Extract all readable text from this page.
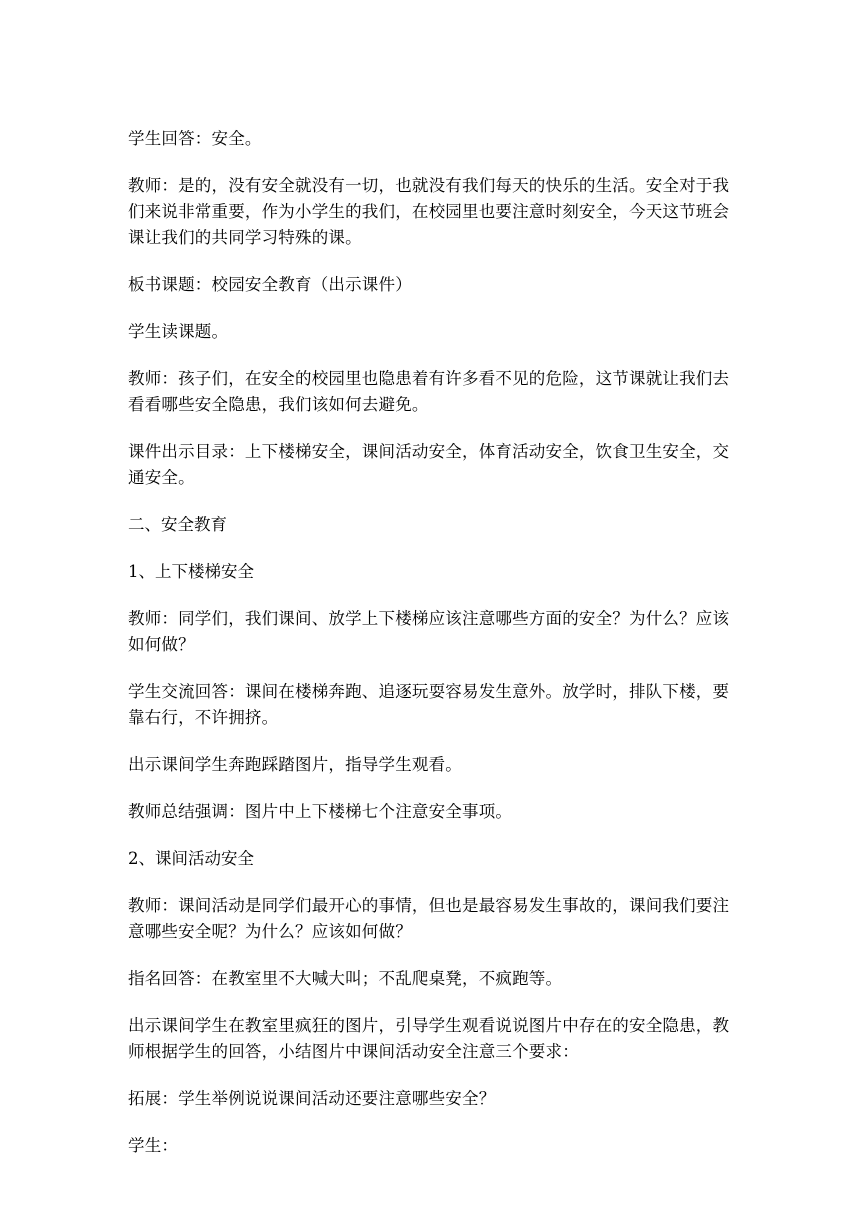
学生回答：安全。

教师：是的，没有安全就没有一切，也就没有我们每天的快乐的生活。安全对于我们来说非常重要，作为小学生的我们，在校园里也要注意时刻安全，今天这节班会课让我们的共同学习特殊的课。

板书课题：校园安全教育（出示课件）

学生读课题。

教师：孩子们，在安全的校园里也隐患着有许多看不见的危险，这节课就让我们去看看哪些安全隐患，我们该如何去避免。

课件出示目录：上下楼梯安全，课间活动安全，体育活动安全，饮食卫生安全，交通安全。

二、安全教育

1、上下楼梯安全

教师：同学们，我们课间、放学上下楼梯应该注意哪些方面的安全？为什么？应该如何做？

学生交流回答：课间在楼梯奔跑、追逐玩耍容易发生意外。放学时，排队下楼，要靠右行，不许拥挤。

出示课间学生奔跑踩踏图片，指导学生观看。

教师总结强调：图片中上下楼梯七个注意安全事项。

2、课间活动安全

教师：课间活动是同学们最开心的事情，但也是最容易发生事故的，课间我们要注意哪些安全呢？为什么？应该如何做？

指名回答：在教室里不大喊大叫；不乱爬桌凳，不疯跑等。

出示课间学生在教室里疯狂的图片，引导学生观看说说图片中存在的安全隐患，教师根据学生的回答，小结图片中课间活动安全注意三个要求：

拓展：学生举例说说课间活动还要注意哪些安全？

学生：
